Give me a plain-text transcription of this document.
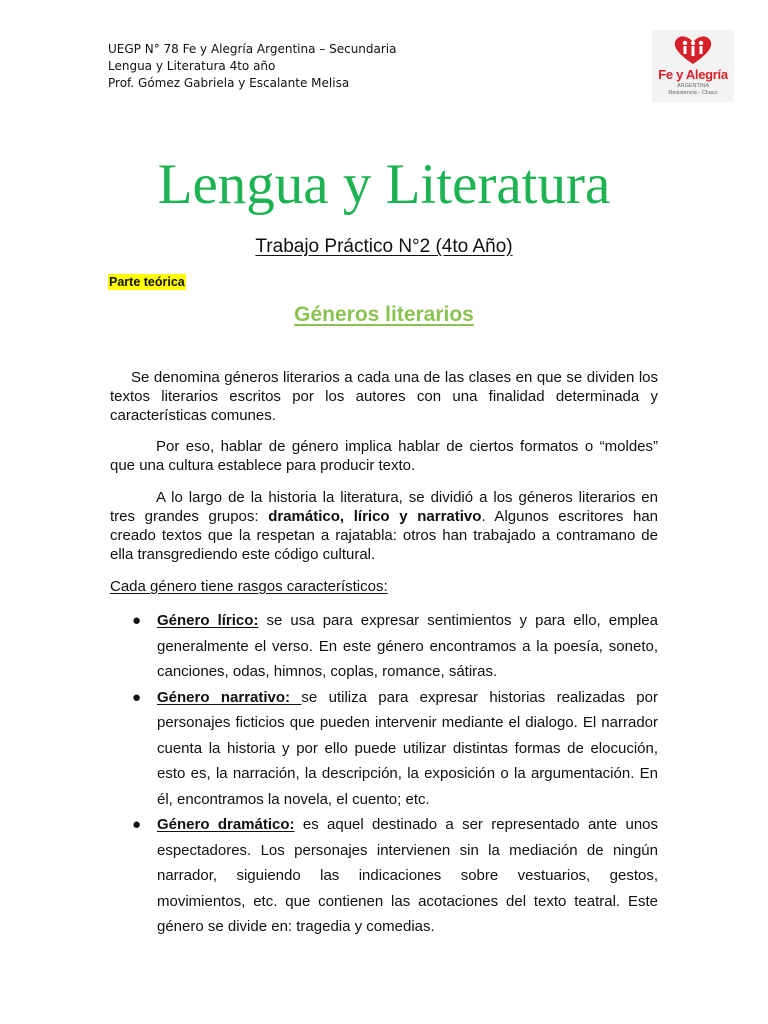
UEGP N° 78 Fe y Alegría Argentina – Secundaria
Lengua y Literatura 4to año
Prof. Gómez Gabriela y Escalante Melisa
Fe y Alegría
ARGENTINA
Resistencia - Chaco
Lengua y Literatura
Trabajo Práctico N°2 (4to Año)
Parte teórica
Géneros literarios
Se denomina géneros literarios a cada una de las clases en que se dividen los textos literarios escritos por los autores con una finalidad determinada y características comunes.
Por eso, hablar de género implica hablar de ciertos formatos o “moldes” que una cultura establece para producir texto.
A lo largo de la historia la literatura, se dividió a los géneros literarios en tres grandes grupos: dramático, lírico y narrativo. Algunos escritores han creado textos que la respetan a rajatabla: otros han trabajado a contramano de ella transgrediendo este código cultural.
Cada género tiene rasgos característicos:
● Género lírico: se usa para expresar sentimientos y para ello, emplea generalmente el verso. En este género encontramos a la poesía, soneto, canciones, odas, himnos, coplas, romance, sátiras.
● Género narrativo: se utiliza para expresar historias realizadas por personajes ficticios que pueden intervenir mediante el dialogo. El narrador cuenta la historia y por ello puede utilizar distintas formas de elocución, esto es, la narración, la descripción, la exposición o la argumentación. En él, encontramos la novela, el cuento; etc.
● Género dramático: es aquel destinado a ser representado ante unos espectadores. Los personajes intervienen sin la mediación de ningún narrador, siguiendo las indicaciones sobre vestuarios, gestos, movimientos, etc. que contienen las acotaciones del texto teatral. Este género se divide en: tragedia y comedias.
